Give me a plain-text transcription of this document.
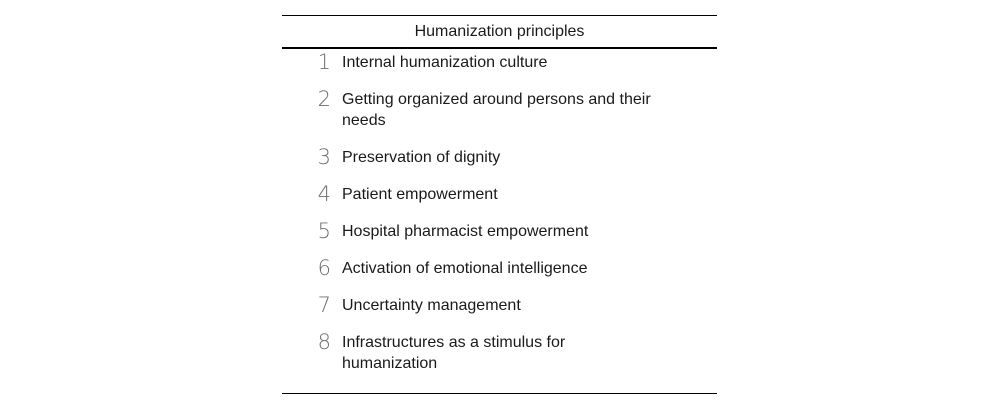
Humanization principles
1 Internal humanization culture
2 Getting organized around persons and their needs
3 Preservation of dignity
4 Patient empowerment
5 Hospital pharmacist empowerment
6 Activation of emotional intelligence
7 Uncertainty management
8 Infrastructures as a stimulus for humanization
